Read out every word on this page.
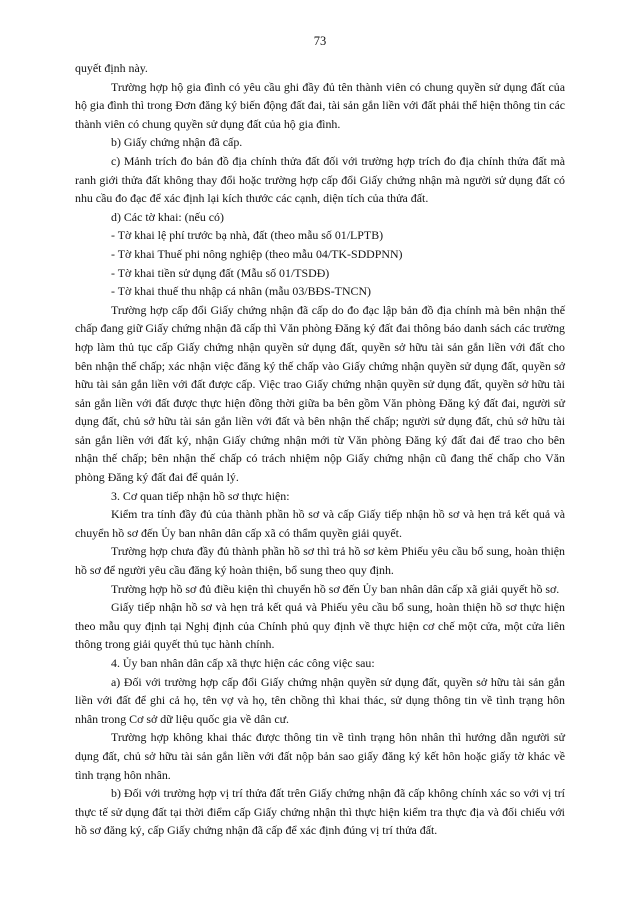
73

quyết định này.

Trường hợp hộ gia đình có yêu cầu ghi đầy đủ tên thành viên có chung quyền sử dụng đất của hộ gia đình thì trong Đơn đăng ký biến động đất đai, tài sản gắn liền với đất phải thể hiện thông tin các thành viên có chung quyền sử dụng đất của hộ gia đình.

b) Giấy chứng nhận đã cấp.

c) Mảnh trích đo bản đồ địa chính thửa đất đối với trường hợp trích đo địa chính thửa đất mà ranh giới thửa đất không thay đổi hoặc trường hợp cấp đổi Giấy chứng nhận mà người sử dụng đất có nhu cầu đo đạc để xác định lại kích thước các cạnh, diện tích của thửa đất.

d) Các tờ khai: (nếu có)

- Tờ khai lệ phí trước bạ nhà, đất (theo mẫu số 01/LPTB)

- Tờ khai Thuế phi nông nghiệp (theo mẫu 04/TK-SDDPNN)

- Tờ khai tiền sử dụng đất (Mẫu số 01/TSDĐ)

- Tờ khai thuế thu nhập cá nhân (mẫu 03/BĐS-TNCN)

Trường hợp cấp đổi Giấy chứng nhận đã cấp do đo đạc lập bản đồ địa chính mà bên nhận thế chấp đang giữ Giấy chứng nhận đã cấp thì Văn phòng Đăng ký đất đai thông báo danh sách các trường hợp làm thủ tục cấp Giấy chứng nhận quyền sử dụng đất, quyền sở hữu tài sản gắn liền với đất cho bên nhận thế chấp; xác nhận việc đăng ký thế chấp vào Giấy chứng nhận quyền sử dụng đất, quyền sở hữu tài sản gắn liền với đất được cấp. Việc trao Giấy chứng nhận quyền sử dụng đất, quyền sở hữu tài sản gắn liền với đất được thực hiện đồng thời giữa ba bên gồm Văn phòng Đăng ký đất đai, người sử dụng đất, chủ sở hữu tài sản gắn liền với đất và bên nhận thế chấp; người sử dụng đất, chủ sở hữu tài sản gắn liền với đất ký, nhận Giấy chứng nhận mới từ Văn phòng Đăng ký đất đai để trao cho bên nhận thế chấp; bên nhận thế chấp có trách nhiệm nộp Giấy chứng nhận cũ đang thế chấp cho Văn phòng Đăng ký đất đai để quản lý.

3. Cơ quan tiếp nhận hồ sơ thực hiện:

Kiểm tra tính đầy đủ của thành phần hồ sơ và cấp Giấy tiếp nhận hồ sơ và hẹn trả kết quả và chuyển hồ sơ đến Ủy ban nhân dân cấp xã có thẩm quyền giải quyết.

Trường hợp chưa đầy đủ thành phần hồ sơ thì trả hồ sơ kèm Phiếu yêu cầu bổ sung, hoàn thiện hồ sơ để người yêu cầu đăng ký hoàn thiện, bổ sung theo quy định.

Trường hợp hồ sơ đủ điều kiện thì chuyển hồ sơ đến Ủy ban nhân dân cấp xã giải quyết hồ sơ.

Giấy tiếp nhận hồ sơ và hẹn trả kết quả và Phiếu yêu cầu bổ sung, hoàn thiện hồ sơ thực hiện theo mẫu quy định tại Nghị định của Chính phủ quy định về thực hiện cơ chế một cửa, một cửa liên thông trong giải quyết thủ tục hành chính.

4. Ủy ban nhân dân cấp xã thực hiện các công việc sau:

a) Đối với trường hợp cấp đổi Giấy chứng nhận quyền sử dụng đất, quyền sở hữu tài sản gắn liền với đất để ghi cả họ, tên vợ và họ, tên chồng thì khai thác, sử dụng thông tin về tình trạng hôn nhân trong Cơ sở dữ liệu quốc gia về dân cư.

Trường hợp không khai thác được thông tin về tình trạng hôn nhân thì hướng dẫn người sử dụng đất, chủ sở hữu tài sản gắn liền với đất nộp bản sao giấy đăng ký kết hôn hoặc giấy tờ khác về tình trạng hôn nhân.

b) Đối với trường hợp vị trí thửa đất trên Giấy chứng nhận đã cấp không chính xác so với vị trí thực tế sử dụng đất tại thời điểm cấp Giấy chứng nhận thì thực hiện kiểm tra thực địa và đối chiếu với hồ sơ đăng ký, cấp Giấy chứng nhận đã cấp để xác định đúng vị trí thửa đất.
